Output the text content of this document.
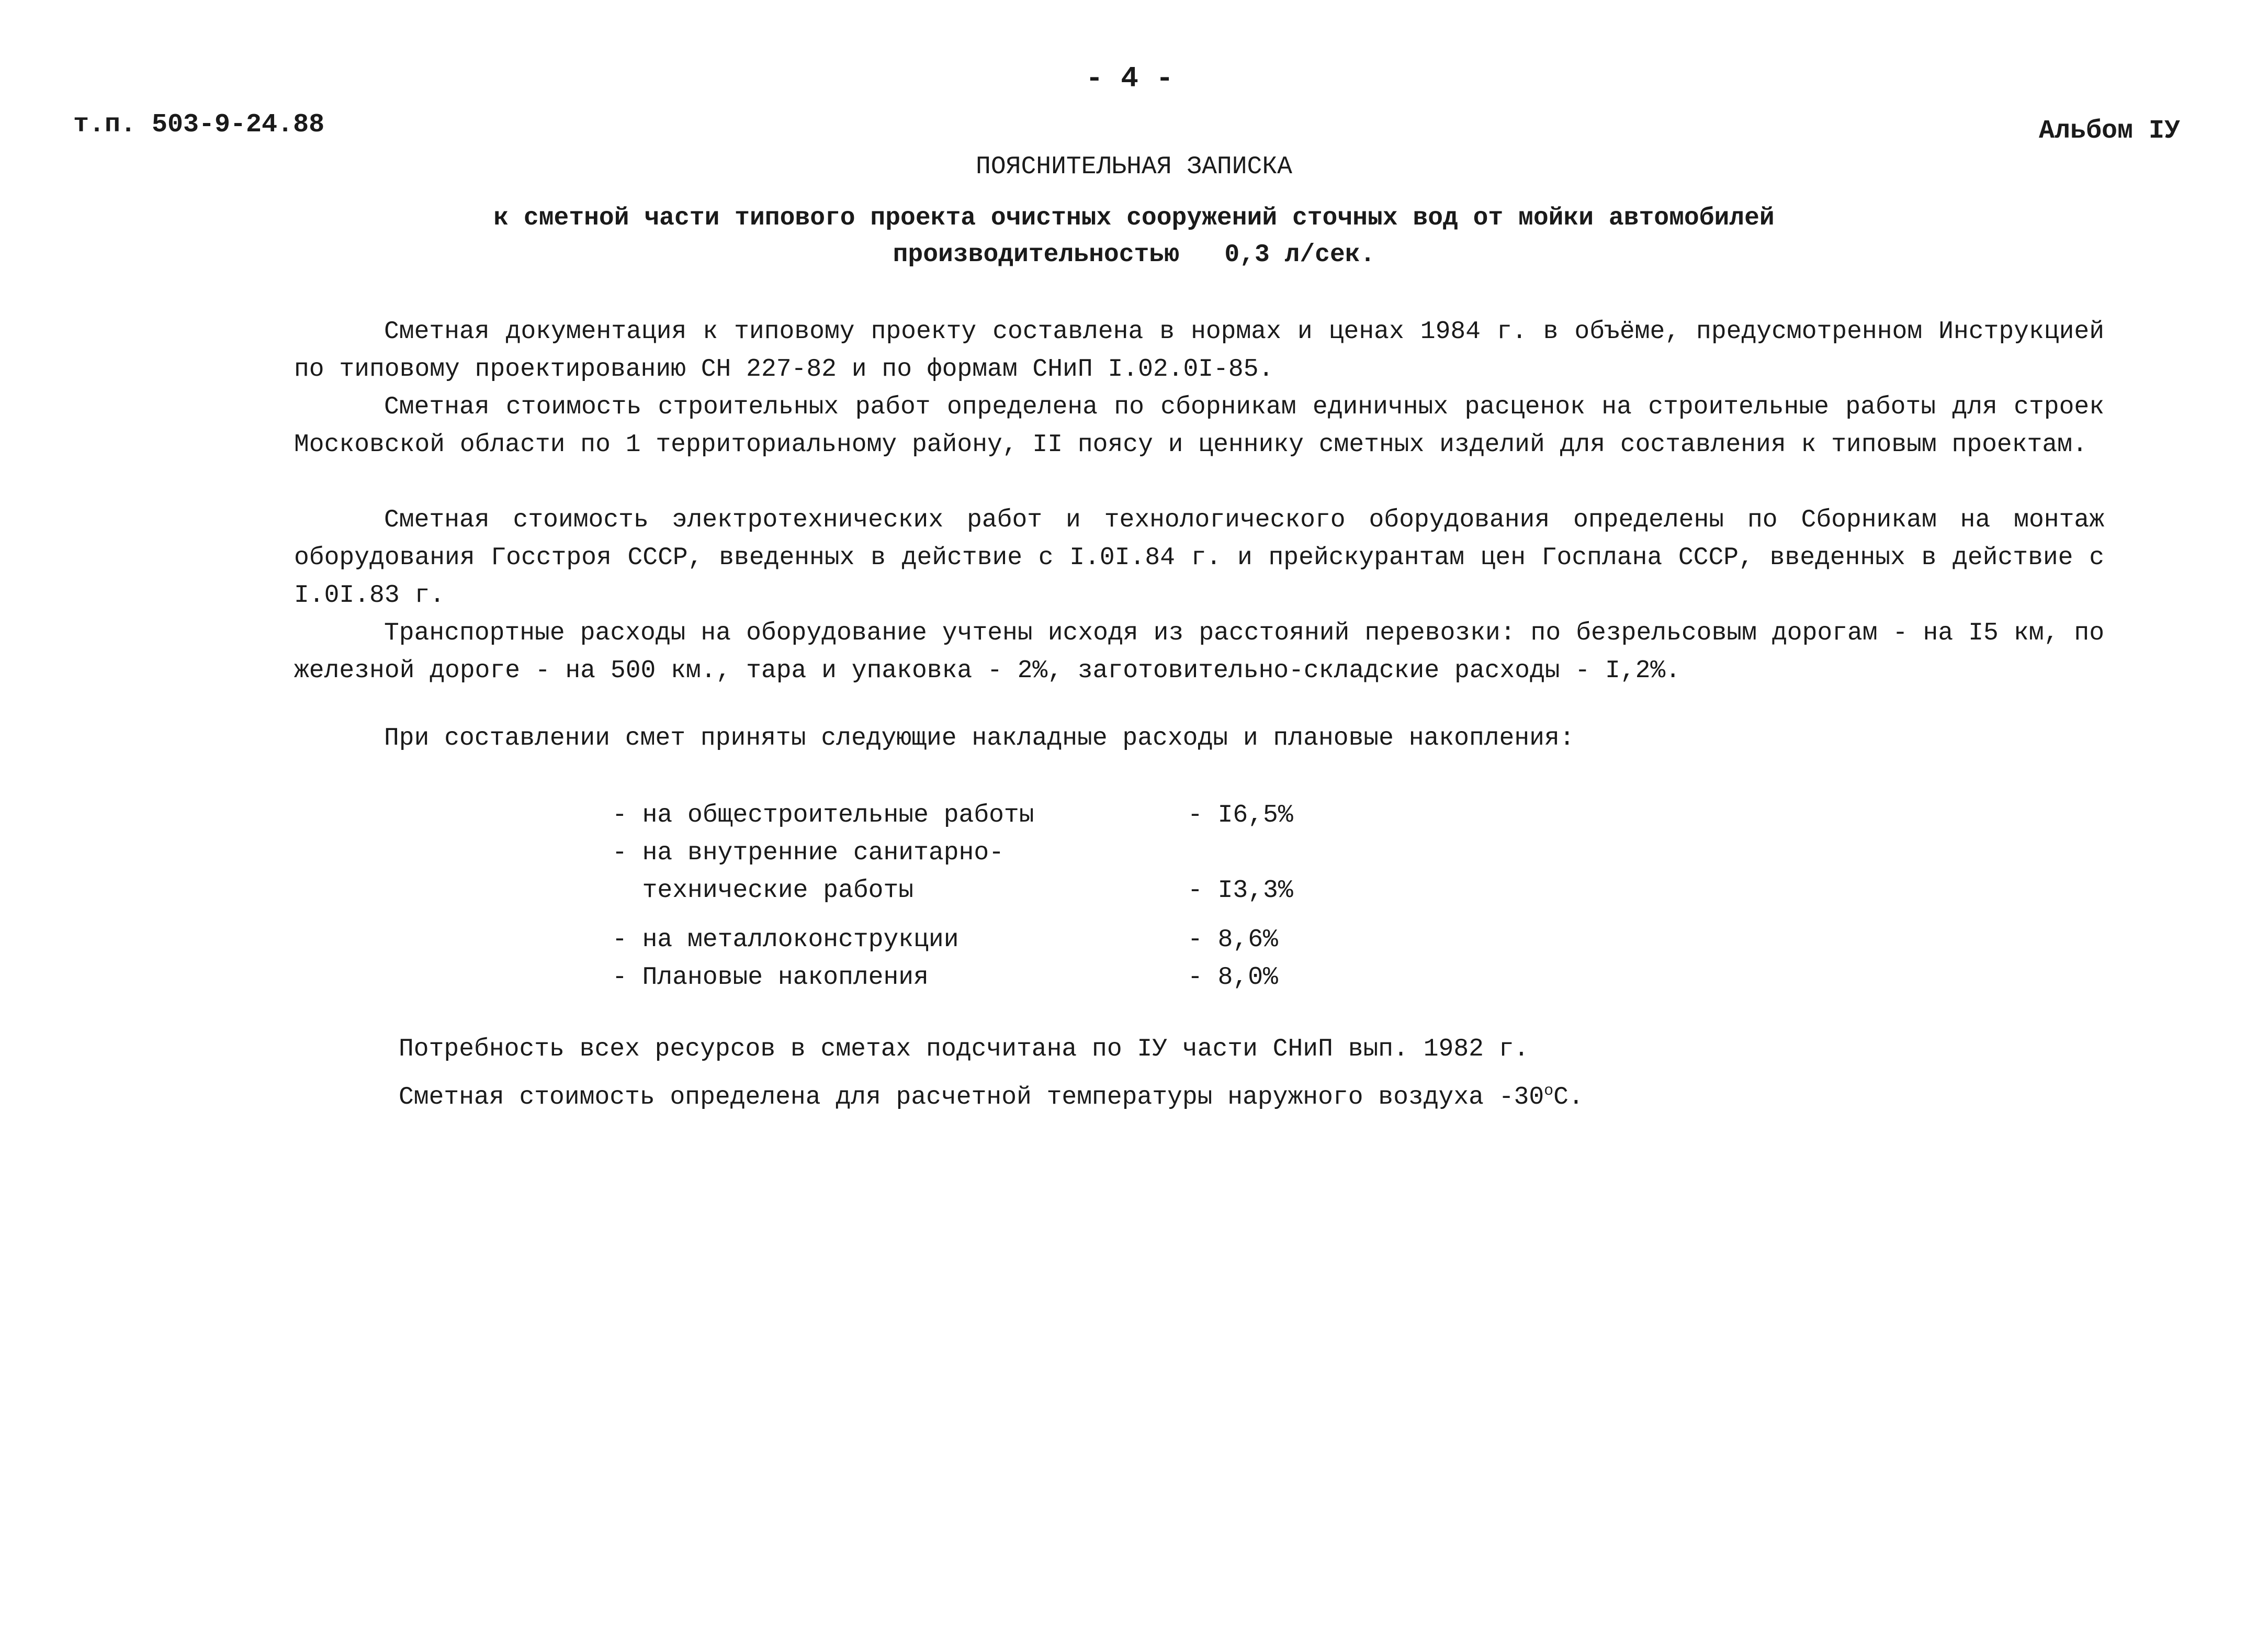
- 4 -
т.п. 503-9-24.88	Альбом IУ
ПОЯСНИТЕЛЬНАЯ ЗАПИСКА
к сметной части типового проекта очистных сооружений сточных вод от мойки автомобилей
производительностью   0,3 л/сек.

Сметная документация к типовому проекту составлена в нормах и ценах 1984 г. в объёме, предусмотренном Инструкцией по типовому проектированию СН 227-82 и по формам СНиП I.02.0I-85.

Сметная стоимость строительных работ определена по сборникам единичных расценок на строительные работы для строек Московской области по 1 территориальному району, II поясу и ценнику сметных изделий для составления к типовым проектам.

Сметная стоимость электротехнических работ и технологического оборудования определены по Сборникам на монтаж оборудования Госстроя СССР, введенных в действие с I.0I.84 г. и прейскурантам цен Госплана СССР, введенных в действие с I.0I.83 г.

Транспортные расходы на оборудование учтены исходя из расстояний перевозки: по безрельсовым дорогам - на I5 км, по железной дороге - на 500 км., тара и упаковка - 2%, заготовительно-складские расходы - I,2%.

При составлении смет приняты следующие накладные расходы и плановые накопления:
- на общестроительные работы	- I6,5%
- на внутренние санитарно-
технические работы	- I3,3%
- на металлоконструкции	- 8,6%
- Плановые накопления	- 8,0%
Потребность всех ресурсов в сметах подсчитана по IУ части СНиП вып. 1982 г.
Сметная стоимость определена для расчетной температуры наружного воздуха $-30^оС$.
